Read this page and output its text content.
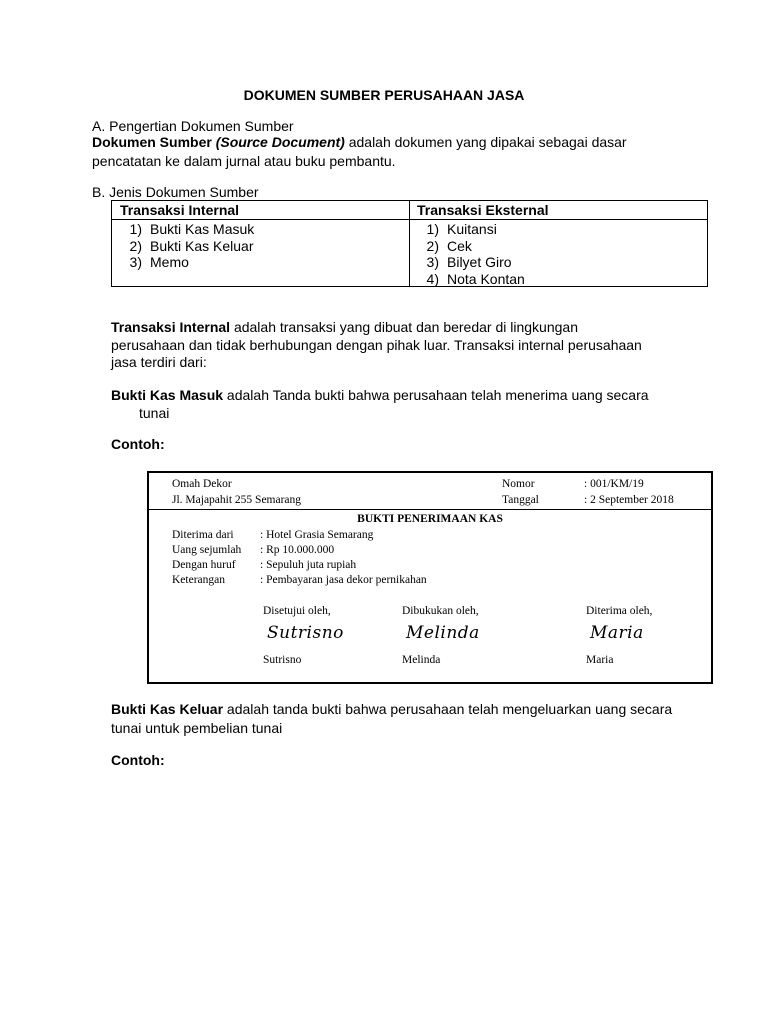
DOKUMEN SUMBER PERUSAHAAN JASA
A. Pengertian Dokumen Sumber
Dokumen Sumber (Source Document) adalah dokumen yang dipakai sebagai dasar
pencatatan ke dalam jurnal atau buku pembantu.
B. Jenis Dokumen Sumber
Transaksi Internal	Transaksi Eksternal
1) Bukti Kas Masuk
2) Bukti Kas Keluar
3) Memo
1) Kuitansi
2) Cek
3) Bilyet Giro
4) Nota Kontan
Transaksi Internal adalah transaksi yang dibuat dan beredar di lingkungan
perusahaan dan tidak berhubungan dengan pihak luar. Transaksi internal perusahaan
jasa terdiri dari:
Bukti Kas Masuk adalah Tanda bukti bahwa perusahaan telah menerima uang secara
tunai
Contoh:
Omah Dekor
Jl. Majapahit 255 Semarang
Nomor	: 001/KM/19
Tanggal	: 2 September 2018
BUKTI PENERIMAAN KAS
Diterima dari : Hotel Grasia Semarang
Uang sejumlah : Rp 10.000.000
Dengan huruf : Sepuluh juta rupiah
Keterangan	: Pembayaran jasa dekor pernikahan
Disetujui oleh,	Dibukukan oleh,	Diterima oleh,
Sutrisno	Melinda	Maria
Sutrisno	Melinda	Maria
Bukti Kas Keluar adalah tanda bukti bahwa perusahaan telah mengeluarkan uang secara
tunai untuk pembelian tunai
Contoh:
